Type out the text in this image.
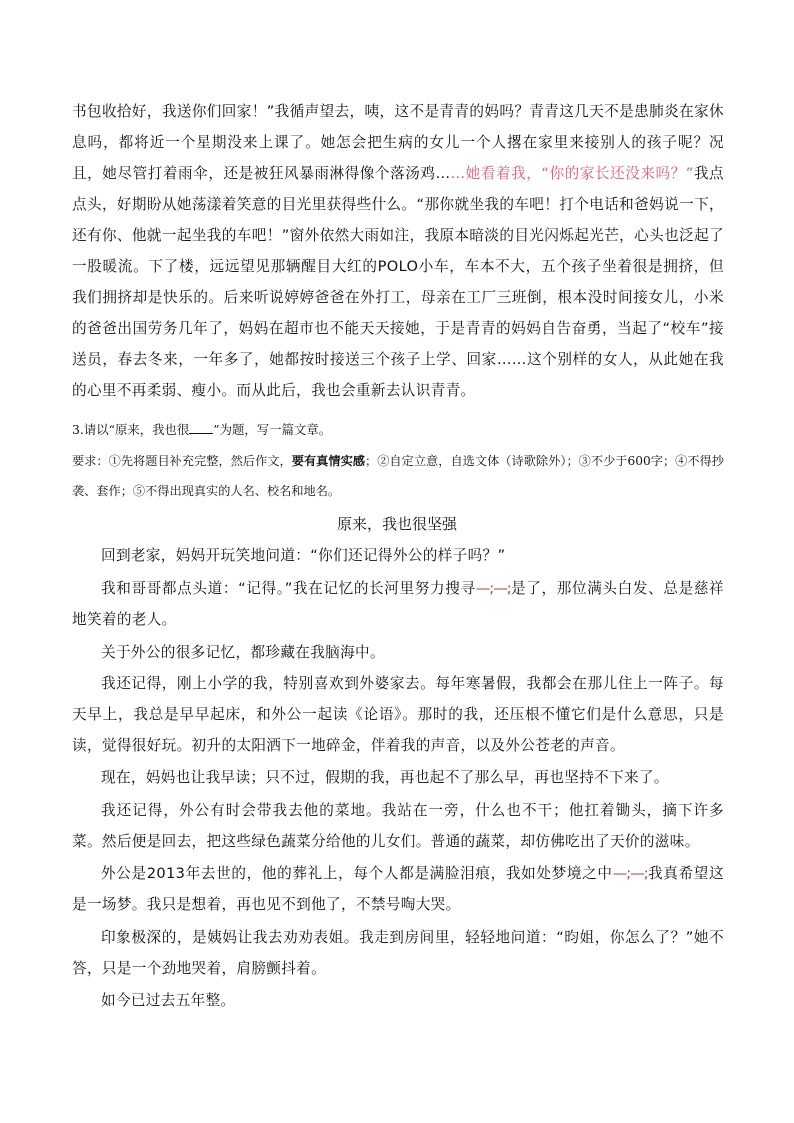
书包收拾好，我送你们回家！”我循声望去，咦，这不是青青的妈吗？青青这几天不是患肺炎在家休息吗，都将近一个星期没来上课了。她怎会把生病的女儿一个人撂在家里来接别人的孩子呢？况且，她尽管打着雨伞，还是被狂风暴雨淋得像个落汤鸡……她看着我，“你的家长还没来吗？”我点点头，好期盼从她荡漾着笑意的目光里获得些什么。“那你就坐我的车吧！打个电话和爸妈说一下，还有你、他就一起坐我的车吧！”窗外依然大雨如注，我原本暗淡的目光闪烁起光芒，心头也泛起了一股暖流。下了楼，远远望见那辆醒目大红的POLO小车，车本不大，五个孩子坐着很是拥挤，但我们拥挤却是快乐的。后来听说婷婷爸爸在外打工，母亲在工厂三班倒，根本没时间接女儿，小米的爸爸出国劳务几年了，妈妈在超市也不能天天接她，于是青青的妈妈自告奋勇，当起了“校车”接送员，春去冬来，一年多了，她都按时接送三个孩子上学、回家……这个别样的女人，从此她在我的心里不再柔弱、瘦小。而从此后，我也会重新去认识青青。

3.请以“原来，我也很 ”为题，写一篇文章。

要求：①先将题目补充完整，然后作文，要有真情实感；②自定立意，自选文体（诗歌除外）；③不少于600字；④不得抄袭、套作；⑤不得出现真实的人名、校名和地名。

原来，我也很坚强

回到老家，妈妈开玩笑地问道：“你们还记得外公的样子吗？”

我和哥哥都点头道：“记得。”我在记忆的长河里努力搜寻—;—;是了，那位满头白发、总是慈祥地笑着的老人。

关于外公的很多记忆，都珍藏在我脑海中。

我还记得，刚上小学的我，特别喜欢到外婆家去。每年寒暑假，我都会在那儿住上一阵子。每天早上，我总是早早起床，和外公一起读《论语》。那时的我，还压根不懂它们是什么意思，只是读，觉得很好玩。初升的太阳洒下一地碎金，伴着我的声音，以及外公苍老的声音。

现在，妈妈也让我早读；只不过，假期的我，再也起不了那么早，再也坚持不下来了。

我还记得，外公有时会带我去他的菜地。我站在一旁，什么也不干；他扛着锄头，摘下许多菜。然后便是回去，把这些绿色蔬菜分给他的儿女们。普通的蔬菜，却仿佛吃出了天价的滋味。

外公是2013年去世的，他的葬礼上，每个人都是满脸泪痕，我如处梦境之中—;—;我真希望这是一场梦。我只是想着，再也见不到他了，不禁号啕大哭。

印象极深的，是姨妈让我去劝劝表姐。我走到房间里，轻轻地问道：“昀姐，你怎么了？”她不答，只是一个劲地哭着，肩膀颤抖着。

如今已过去五年整。
